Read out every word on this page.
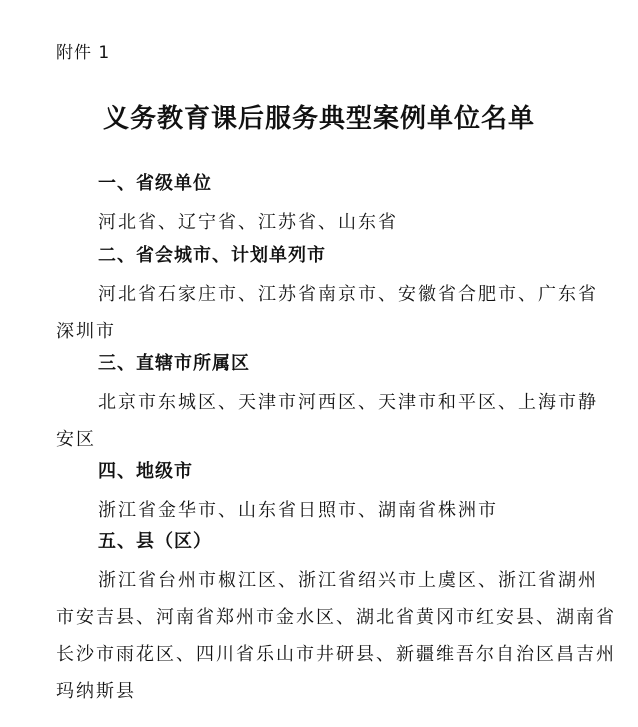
附件 1
义务教育课后服务典型案例单位名单
一、省级单位
河北省、辽宁省、江苏省、山东省
二、省会城市、计划单列市
河北省石家庄市、江苏省南京市、安徽省合肥市、广东省深圳市
三、直辖市所属区
北京市东城区、天津市河西区、天津市和平区、上海市静安区
四、地级市
浙江省金华市、山东省日照市、湖南省株洲市
五、县（区）
浙江省台州市椒江区、浙江省绍兴市上虞区、浙江省湖州市安吉县、河南省郑州市金水区、湖北省黄冈市红安县、湖南省长沙市雨花区、四川省乐山市井研县、新疆维吾尔自治区昌吉州玛纳斯县
